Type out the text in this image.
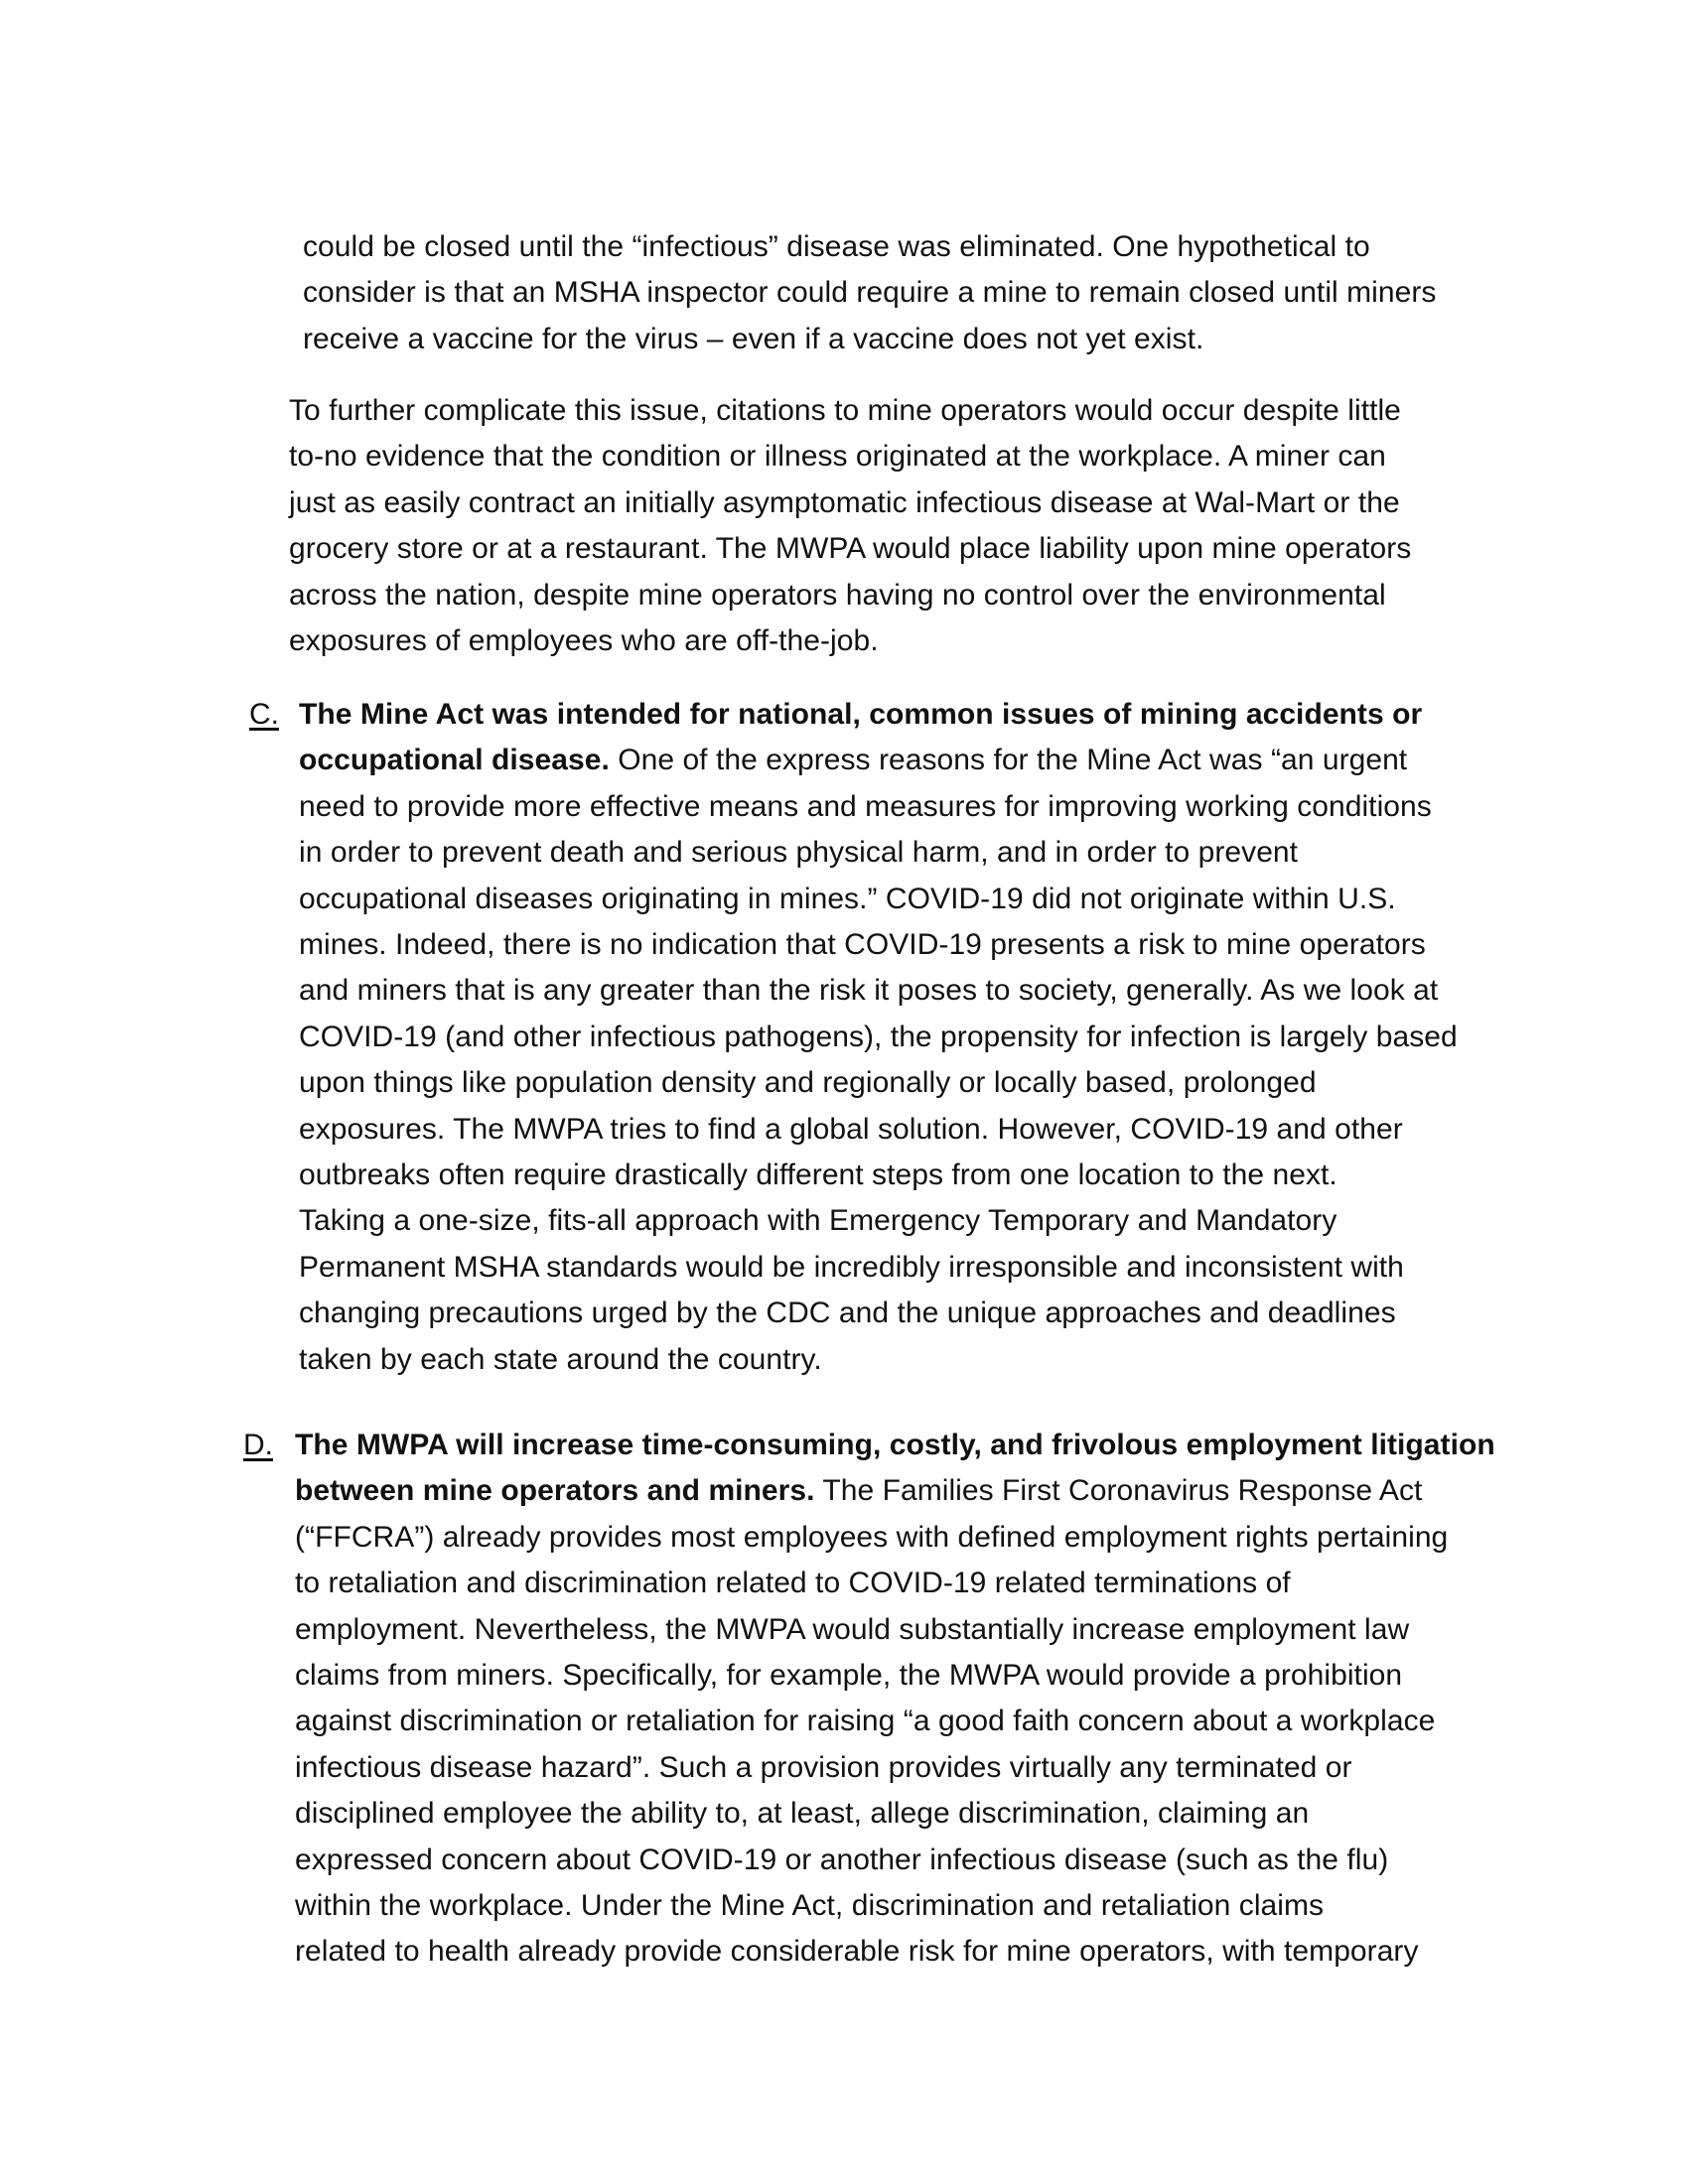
could be closed until the “infectious” disease was eliminated. One hypothetical to
consider is that an MSHA inspector could require a mine to remain closed until miners
receive a vaccine for the virus – even if a vaccine does not yet exist.
To further complicate this issue, citations to mine operators would occur despite little
to-no evidence that the condition or illness originated at the workplace. A miner can
just as easily contract an initially asymptomatic infectious disease at Wal-Mart or the
grocery store or at a restaurant. The MWPA would place liability upon mine operators
across the nation, despite mine operators having no control over the environmental
exposures of employees who are off-the-job.
C. The Mine Act was intended for national, common issues of mining accidents or
occupational disease. One of the express reasons for the Mine Act was “an urgent
need to provide more effective means and measures for improving working conditions
in order to prevent death and serious physical harm, and in order to prevent
occupational diseases originating in mines.” COVID-19 did not originate within U.S.
mines. Indeed, there is no indication that COVID-19 presents a risk to mine operators
and miners that is any greater than the risk it poses to society, generally. As we look at
COVID-19 (and other infectious pathogens), the propensity for infection is largely based
upon things like population density and regionally or locally based, prolonged
exposures. The MWPA tries to find a global solution. However, COVID-19 and other
outbreaks often require drastically different steps from one location to the next.
Taking a one-size, fits-all approach with Emergency Temporary and Mandatory
Permanent MSHA standards would be incredibly irresponsible and inconsistent with
changing precautions urged by the CDC and the unique approaches and deadlines
taken by each state around the country.
D. The MWPA will increase time-consuming, costly, and frivolous employment litigation
between mine operators and miners. The Families First Coronavirus Response Act
(“FFCRA”) already provides most employees with defined employment rights pertaining
to retaliation and discrimination related to COVID-19 related terminations of
employment. Nevertheless, the MWPA would substantially increase employment law
claims from miners. Specifically, for example, the MWPA would provide a prohibition
against discrimination or retaliation for raising “a good faith concern about a workplace
infectious disease hazard”. Such a provision provides virtually any terminated or
disciplined employee the ability to, at least, allege discrimination, claiming an
expressed concern about COVID-19 or another infectious disease (such as the flu)
within the workplace. Under the Mine Act, discrimination and retaliation claims
related to health already provide considerable risk for mine operators, with temporary
